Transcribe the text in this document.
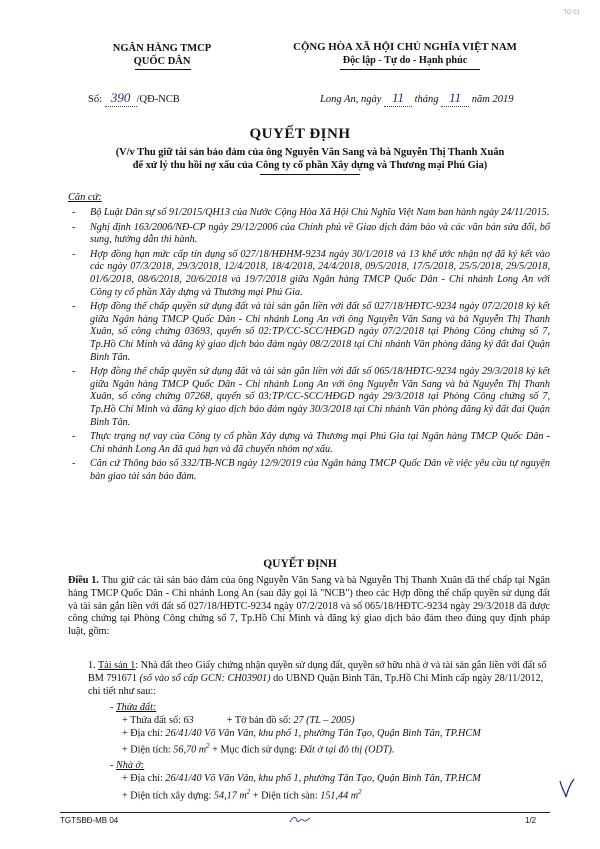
TG 01
NGÂN HÀNG TMCP
QUỐC DÂN
CỘNG HÒA XÃ HỘI CHỦ NGHĨA VIỆT NAM
Độc lập - Tự do - Hạnh phúc
Số: 390 /QĐ-NCB	Long An, ngày 11 tháng 11 năm 2019
QUYẾT ĐỊNH
(V/v Thu giữ tài sản bảo đảm của ông Nguyễn Văn Sang và bà Nguyễn Thị Thanh Xuân
để xử lý thu hồi nợ xấu của Công ty cổ phần Xây dựng và Thương mại Phú Gia)
Căn cứ:
- Bộ Luật Dân sự số 91/2015/QH13 của Nước Cộng Hòa Xã Hội Chủ Nghĩa Việt Nam ban hành ngày 24/11/2015.
- Nghị định 163/2006/NĐ-CP ngày 29/12/2006 của Chính phủ về Giao dịch đảm bảo và các văn bản sửa đổi, bổ sung, hướng dẫn thi hành.
- Hợp đồng hạn mức cấp tín dụng số 027/18/HĐHM-9234 ngày 30/1/2018 và 13 khế ước nhận nợ đã ký kết vào các ngày 07/3/2018, 29/3/2018, 12/4/2018, 18/4/2018, 24/4/2018, 09/5/2018, 17/5/2018, 25/5/2018, 29/5/2018, 01/6/2018, 08/6/2018, 20/6/2018 và 19/7/2018 giữa Ngân hàng TMCP Quốc Dân - Chi nhánh Long An với Công ty cổ phần Xây dựng và Thương mại Phú Gia.
- Hợp đồng thế chấp quyền sử dụng đất và tài sản gắn liền với đất số 027/18/HĐTC-9234 ngày 07/2/2018 ký kết giữa Ngân hàng TMCP Quốc Dân - Chi nhánh Long An với ông Nguyễn Văn Sang và bà Nguyễn Thị Thanh Xuân, số công chứng 03693, quyển số 02:TP/CC-SCC/HĐGD ngày 07/2/2018 tại Phòng Công chứng số 7, Tp.Hồ Chí Minh và đăng ký giao dịch bảo đảm ngày 08/2/2018 tại Chi nhánh Văn phòng đăng ký đất đai Quận Bình Tân.
- Hợp đồng thế chấp quyền sử dụng đất và tài sản gắn liền với đất số 065/18/HĐTC-9234 ngày 29/3/2018 ký kết giữa Ngân hàng TMCP Quốc Dân - Chi nhánh Long An với ông Nguyễn Văn Sang và bà Nguyễn Thị Thanh Xuân, số công chứng 07268, quyển số 03:TP/CC-SCC/HĐGD ngày 29/3/2018 tại Phòng Công chứng số 7, Tp.Hồ Chí Minh và đăng ký giao dịch bảo đảm ngày 30/3/2018 tại Chi nhánh Văn phòng đăng ký đất đai Quận Bình Tân.
- Thực trạng nợ vay của Công ty cổ phần Xây dựng và Thương mại Phú Gia tại Ngân hàng TMCP Quốc Dân - Chi nhánh Long An đã quá hạn và đã chuyển nhóm nợ xấu.
- Căn cứ Thông báo số 332/TB-NCB ngày 12/9/2019 của Ngân hàng TMCP Quốc Dân về việc yêu cầu tự nguyện bàn giao tài sản bảo đảm.
QUYẾT ĐỊNH
Điều 1. Thu giữ các tài sản bảo đảm của ông Nguyễn Văn Sang và bà Nguyễn Thị Thanh Xuân đã thế chấp tại Ngân hàng TMCP Quốc Dân - Chi nhánh Long An (sau đây gọi là "NCB") theo các Hợp đồng thế chấp quyền sử dụng đất và tài sản gắn liền với đất số 027/18/HĐTC-9234 ngày 07/2/2018 và số 065/18/HĐTC-9234 ngày 29/3/2018 đã được công chứng tại Phòng Công chứng số 7, Tp.Hồ Chí Minh và đăng ký giao dịch bảo đảm theo đúng quy định pháp luật, gồm:
1. Tài sản 1: Nhà đất theo Giấy chứng nhận quyền sử dụng đất, quyền sở hữu nhà ở và tài sản gắn liền với đất số BM 791671 (số vào sổ cấp GCN: CH03901) do UBND Quận Bình Tân, Tp.Hồ Chí Minh cấp ngày 28/11/2012, chi tiết như sau::
- Thửa đất:
+ Thửa đất số: 63	+ Tờ bản đồ số: 27 (TL – 2005)
+ Địa chỉ: 26/41/40 Võ Văn Vân, khu phố 1, phường Tân Tạo, Quận Bình Tân, TP.HCM
+ Diện tích: 56,70 $m^2$ + Mục đích sử dụng: Đất ở tại đô thị (ODT).
- Nhà ở:
+ Địa chỉ: 26/41/40 Võ Văn Vân, khu phố 1, phường Tân Tạo, Quận Bình Tân, TP.HCM
+ Diện tích xây dựng: 54,17 $m^2$ + Diện tích sàn: 151,44 $m^2$
TGTSBĐ-MB 04	1/2
